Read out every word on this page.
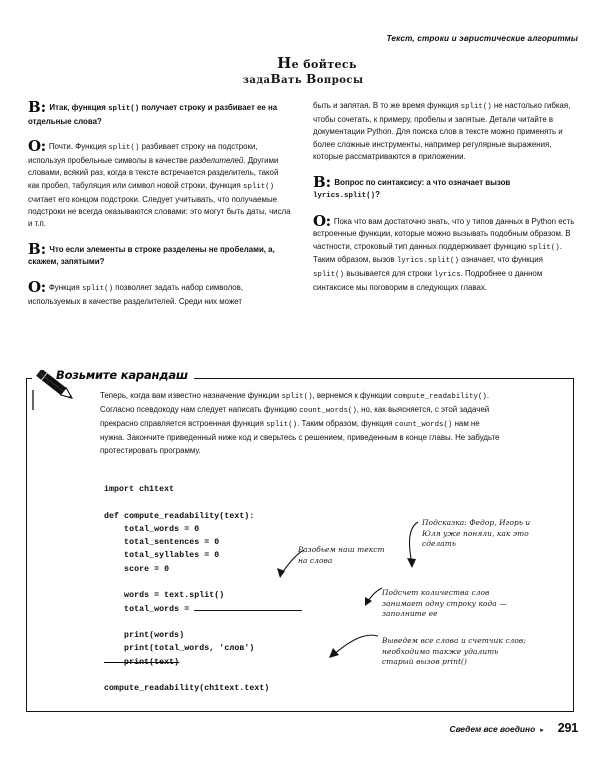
Текст, строки и эвристические алгоритмы
Не бойтесь
задаВать Вопросы

В: Итак, функция split() получает строку и разбивает ее на отдельные слова?

О: Почти. Функция split() разбивает строку на подстроки, используя пробельные символы в качестве разделителей. Другими словами, всякий раз, когда в тексте встречается разделитель, такой как пробел, табуляция или символ новой строки, функция split() считает его концом подстроки. Следует учитывать, что получаемые подстроки не всегда оказываются словами: это могут быть даты, числа и т.п.

В: Что если элементы в строке разделены не пробелами, а, скажем, запятыми?

О: Функция split() позволяет задать набор символов, используемых в качестве разделителей. Среди них может

быть и запятая. В то же время функция split() не настолько гибкая, чтобы сочетать, к примеру, пробелы и запятые. Детали читайте в документации Python. Для поиска слов в тексте можно применять и более сложные инструменты, например регулярные выражения, которые рассматриваются в приложении.

В: Вопрос по синтаксису: а что означает вызов lyrics.split()?

О: Пока что вам достаточно знать, что у типов данных в Python есть встроенные функции, которые можно вызывать подобным образом. В частности, строковый тип данных поддерживает функцию split(). Таким образом, вызов lyrics.split() означает, что функция split() вызывается для строки lyrics. Подробнее о данном синтаксисе мы поговорим в следующих главах.

Возьмите карандаш

Теперь, когда вам известно назначение функции split(), вернемся к функции compute_readability(). Согласно псевдокоду нам следует написать функцию count_words(), но, как выясняется, с этой задачей прекрасно справляется встроенная функция split(). Таким образом, функция count_words() нам не нужна. Закончите приведенный ниже код и сверьтесь с решением, приведенным в конце главы. Не забудьте протестировать программу.

import ch1text

def compute_readability(text):
total_words = 0
total_sentences = 0
total_syllables = 0
score = 0

words = text.split()
total_words =

print(words)
print(total_words, 'слов')
print(text)

compute_readability(ch1text.text)
Разобьем наш текст на слова
Подсказка: Федор, Игорь и Юля уже поняли, как это сделать
Подсчет количества слов занимает одну строку кода — заполните ее
Выведем все слова и счетчик слов; необходимо также удалить старый вызов print()
Сведем все воедино ▸ 291
